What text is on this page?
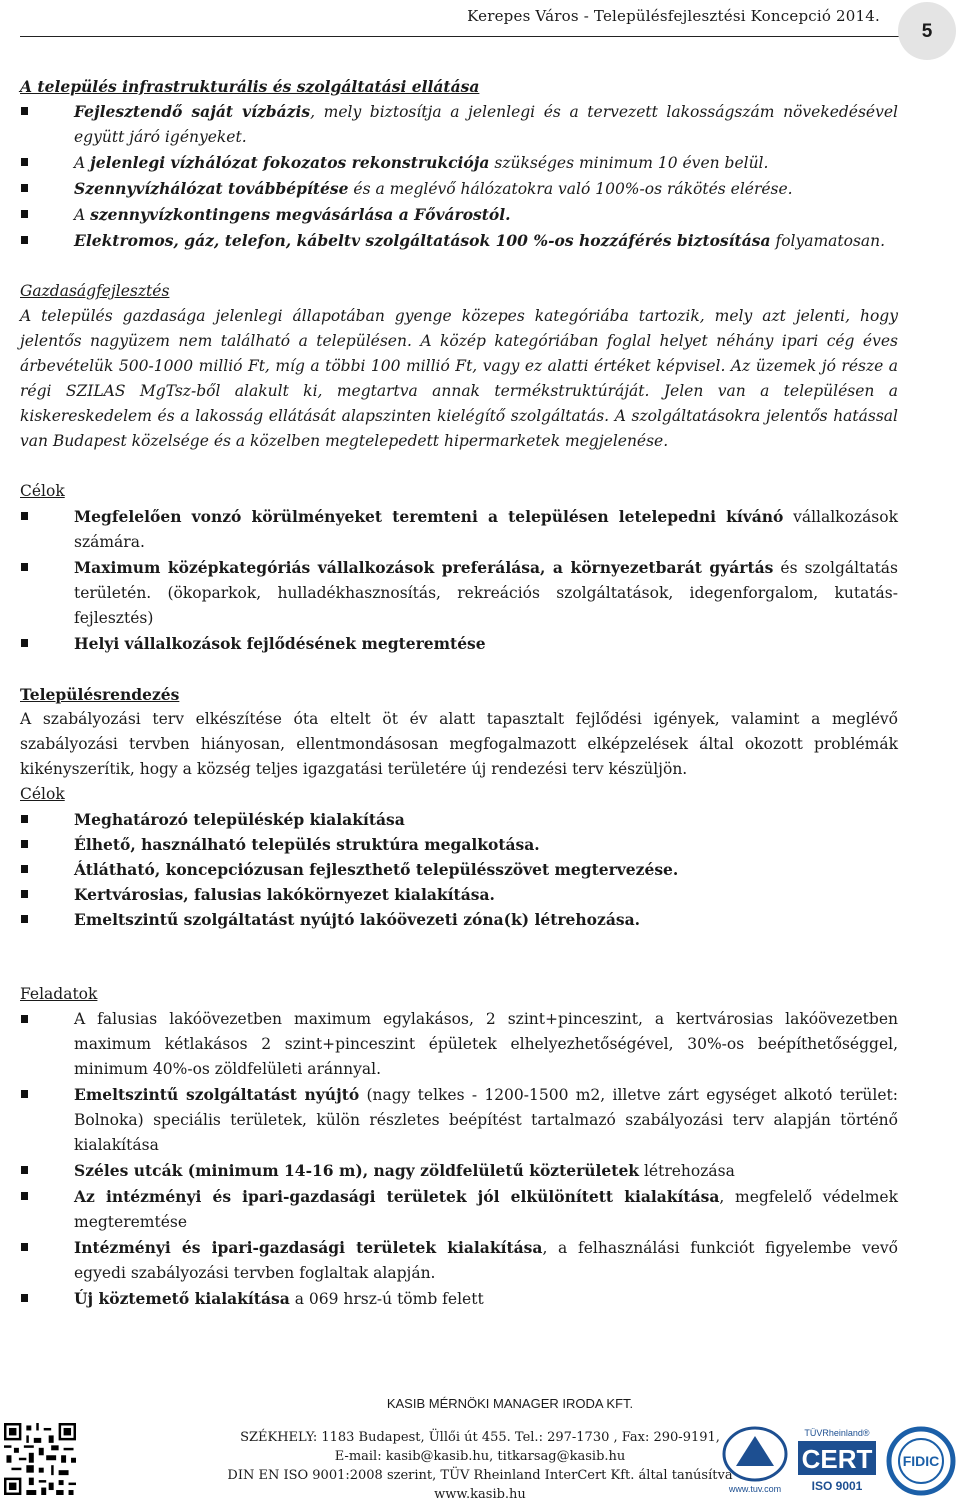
Kerepes Város - Településfejlesztési Koncepció 2014.
5

A település infrastrukturális és szolgáltatási ellátása

Fejlesztendő saját vízbázis, mely biztosítja a jelenlegi és a tervezett lakosságszám növekedésével együtt járó igényeket.
A jelenlegi vízhálózat fokozatos rekonstrukciója szükséges minimum 10 éven belül.
Szennyvízhálózat továbbépítése és a meglévő hálózatokra való 100%-os rákötés elérése.
A szennyvízkontingens megvásárlása a Fővárostól.
Elektromos, gáz, telefon, kábeltv szolgáltatások 100 %-os hozzáférés biztosítása folyamatosan.

Gazdaságfejlesztés

A település gazdasága jelenlegi állapotában gyenge közepes kategóriába tartozik, mely azt jelenti, hogy jelentős nagyüzem nem található a településen. A közép kategóriában foglal helyet néhány ipari cég éves árbevételük 500-1000 millió Ft, míg a többi 100 millió Ft, vagy ez alatti értéket képvisel. Az üzemek jó része a régi SZILAS MgTsz-ből alakult ki, megtartva annak termékstruktúráját. Jelen van a településen a kiskereskedelem és a lakosság ellátását alapszinten kielégítő szolgáltatás. A szolgáltatásokra jelentős hatással van Budapest közelsége és a közelben megtelepedett hipermarketek megjelenése.

Célok

Megfelelően vonzó körülményeket teremteni a településen letelepedni kívánó vállalkozások számára.
Maximum középkategóriás vállalkozások preferálása, a környezetbarát gyártás és szolgáltatás területén. (ökoparkok, hulladékhasznosítás, rekreációs szolgáltatások, idegenforgalom, kutatás-fejlesztés)
Helyi vállalkozások fejlődésének megteremtése

Településrendezés

A szabályozási terv elkészítése óta eltelt öt év alatt tapasztalt fejlődési igények, valamint a meglévő szabályozási tervben hiányosan, ellentmondásosan megfogalmazott elképzelések által okozott problémák kikényszerítik, hogy a község teljes igazgatási területére új rendezési terv készüljön.

Célok

Meghatározó településkép kialakítása
Élhető, használható település struktúra megalkotása.
Átlátható, koncepciózusan fejleszthető településszövet megtervezése.
Kertvárosias, falusias lakókörnyezet kialakítása.
Emeltszintű szolgáltatást nyújtó lakóövezeti zóna(k) létrehozása.

Feladatok

A falusias lakóövezetben maximum egylakásos, 2 szint+pinceszint, a kertvárosias lakóövezetben maximum kétlakásos 2 szint+pinceszint épületek elhelyezhetőségével, 30%-os beépíthetőséggel, minimum 40%-os zöldfelületi aránnyal.
Emeltszintű szolgáltatást nyújtó (nagy telkes - 1200-1500 m2, illetve zárt egységet alkotó terület: Bolnoka) speciális területek, külön részletes beépítést tartalmazó szabályozási terv alapján történő kialakítása
Széles utcák (minimum 14-16 m), nagy zöldfelületű közterületek létrehozása
Az intézményi és ipari-gazdasági területek jól elkülönített kialakítása, megfelelő védelmek megteremtése
Intézményi és ipari-gazdasági területek kialakítása, a felhasználási funkciót figyelembe vevő egyedi szabályozási tervben foglaltak alapján.
Új köztemető kialakítása a 069 hrsz-ú tömb felett
KASIB MÉRNÖKI MANAGER IRODA KFT.
SZÉKHELY: 1183 Budapest, Üllői út 455. Tel.: 297-1730 , Fax: 290-9191,
E-mail: kasib@kasib.hu, titkarsag@kasib.hu
DIN EN ISO 9001:2008 szerint, TÜV Rheinland InterCert Kft. által tanúsítva
www.kasib.hu	www.tuv.com
TÜVRheinland®
CERT
ISO 9001
FIDIC
